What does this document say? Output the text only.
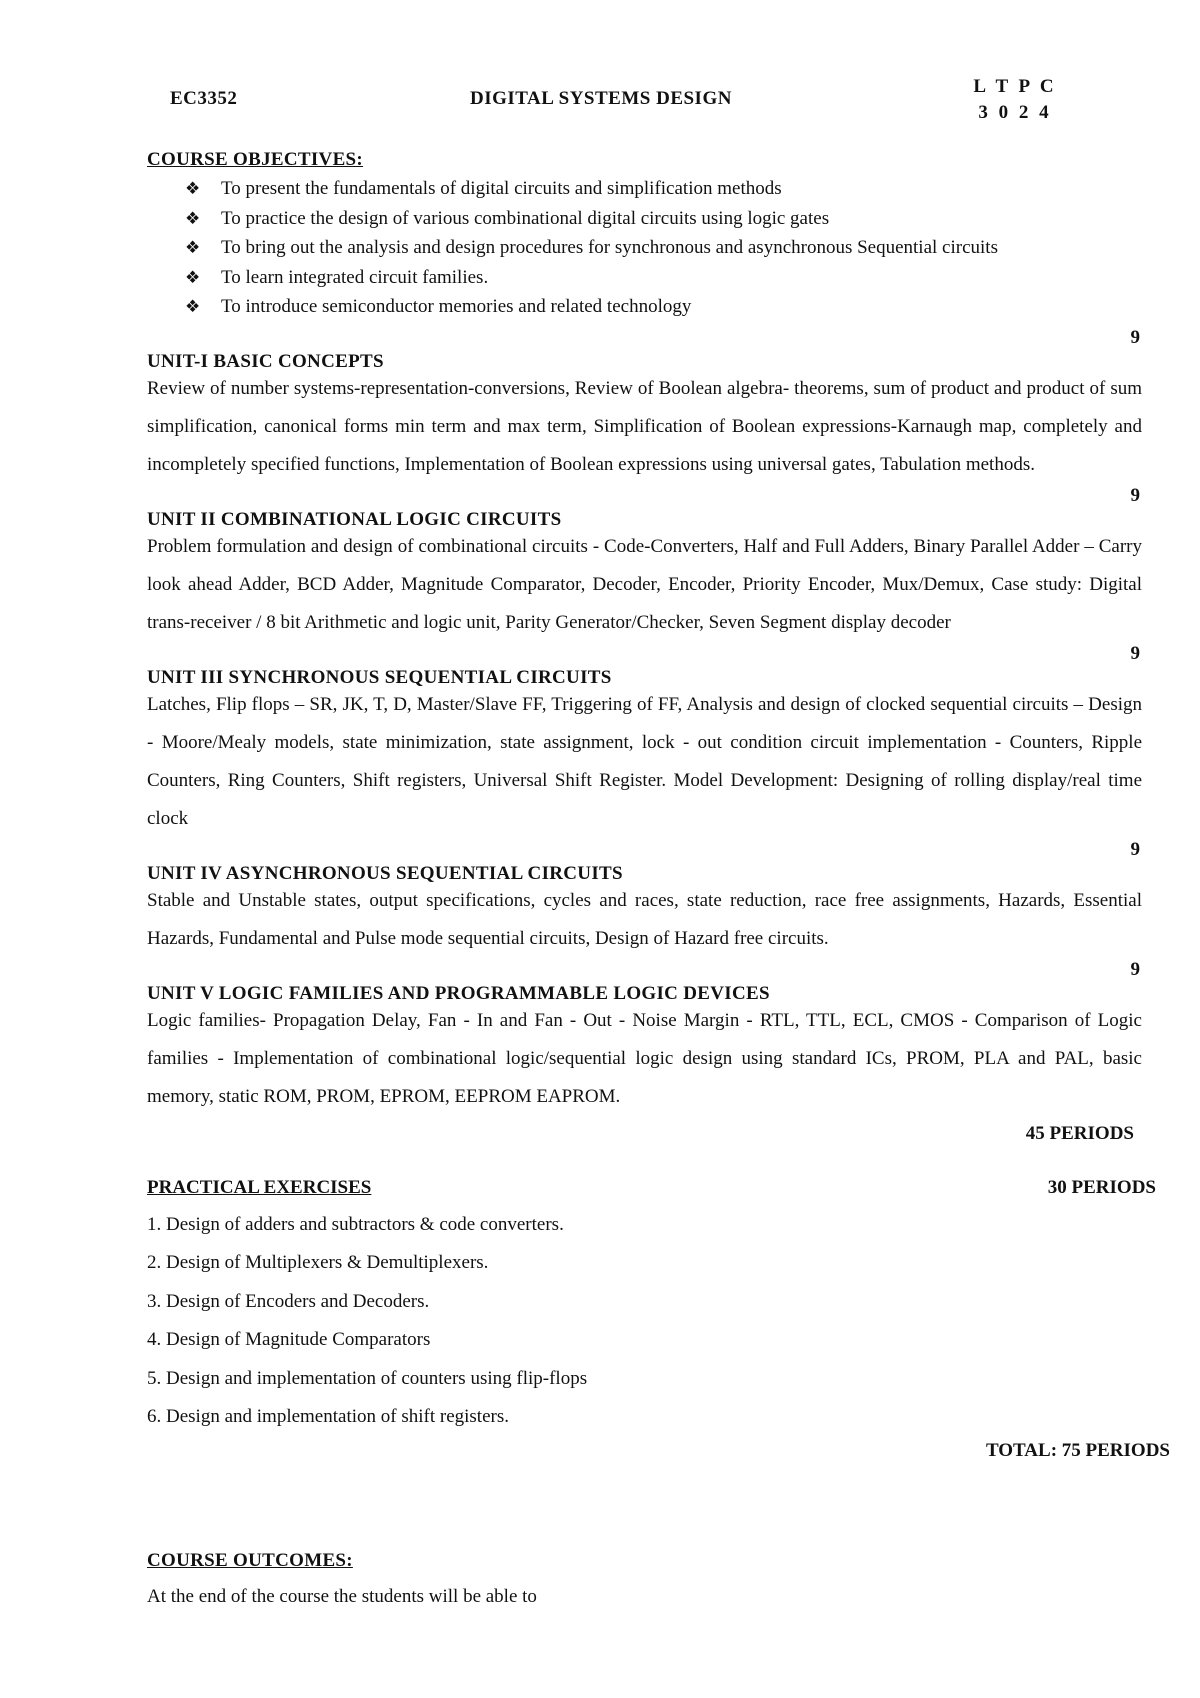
EC3352	DIGITAL SYSTEMS DESIGN
L T P C
3 0 2 4
COURSE OBJECTIVES:
❖ To present the fundamentals of digital circuits and simplification methods
❖ To practice the design of various combinational digital circuits using logic gates
❖ To bring out the analysis and design procedures for synchronous and asynchronous Sequential circuits
❖ To learn integrated circuit families.
❖ To introduce semiconductor memories and related technology
9
UNIT-I BASIC CONCEPTS
Review of number systems-representation-conversions, Review of Boolean algebra- theorems, sum of product and product of sum simplification, canonical forms min term and max term, Simplification of Boolean expressions-Karnaugh map, completely and incompletely specified functions, Implementation of Boolean expressions using universal gates, Tabulation methods.
9
UNIT II COMBINATIONAL LOGIC CIRCUITS
Problem formulation and design of combinational circuits - Code-Converters, Half and Full Adders, Binary Parallel Adder – Carry look ahead Adder, BCD Adder, Magnitude Comparator, Decoder, Encoder, Priority Encoder, Mux/Demux, Case study: Digital trans-receiver / 8 bit Arithmetic and logic unit, Parity Generator/Checker, Seven Segment display decoder
9
UNIT III SYNCHRONOUS SEQUENTIAL CIRCUITS
Latches, Flip flops – SR, JK, T, D, Master/Slave FF, Triggering of FF, Analysis and design of clocked sequential circuits – Design - Moore/Mealy models, state minimization, state assignment, lock - out condition circuit implementation - Counters, Ripple Counters, Ring Counters, Shift registers, Universal Shift Register. Model Development: Designing of rolling display/real time clock
9
UNIT IV ASYNCHRONOUS SEQUENTIAL CIRCUITS
Stable and Unstable states, output specifications, cycles and races, state reduction, race free assignments, Hazards, Essential Hazards, Fundamental and Pulse mode sequential circuits, Design of Hazard free circuits.
9
UNIT V LOGIC FAMILIES AND PROGRAMMABLE LOGIC DEVICES
Logic families- Propagation Delay, Fan - In and Fan - Out - Noise Margin - RTL, TTL, ECL, CMOS - Comparison of Logic families - Implementation of combinational logic/sequential logic design using standard ICs, PROM, PLA and PAL, basic memory, static ROM, PROM, EPROM, EEPROM EAPROM.
45 PERIODS
PRACTICAL EXERCISES	30 PERIODS
1. Design of adders and subtractors & code converters.
2. Design of Multiplexers & Demultiplexers.
3. Design of Encoders and Decoders.
4. Design of Magnitude Comparators
5. Design and implementation of counters using flip-flops
6. Design and implementation of shift registers.
TOTAL: 75 PERIODS
COURSE OUTCOMES:
At the end of the course the students will be able to
